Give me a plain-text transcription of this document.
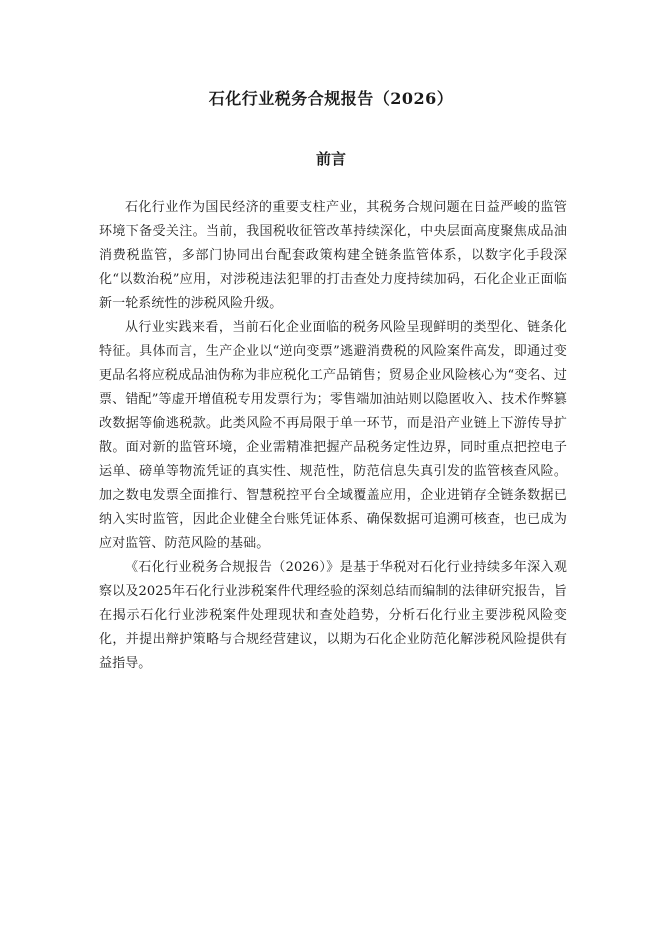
石化行业税务合规报告（2026）
前言

石化行业作为国民经济的重要支柱产业，其税务合规问题在日益严峻的监管环境下备受关注。当前，我国税收征管改革持续深化，中央层面高度聚焦成品油消费税监管，多部门协同出台配套政策构建全链条监管体系，以数字化手段深化“以数治税”应用，对涉税违法犯罪的打击查处力度持续加码，石化企业正面临新一轮系统性的涉税风险升级。

从行业实践来看，当前石化企业面临的税务风险呈现鲜明的类型化、链条化特征。具体而言，生产企业以“逆向变票”逃避消费税的风险案件高发，即通过变更品名将应税成品油伪称为非应税化工产品销售；贸易企业风险核心为“变名、过票、错配”等虚开增值税专用发票行为；零售端加油站则以隐匿收入、技术作弊篡改数据等偷逃税款。此类风险不再局限于单一环节，而是沿产业链上下游传导扩散。面对新的监管环境，企业需精准把握产品税务定性边界，同时重点把控电子运单、磅单等物流凭证的真实性、规范性，防范信息失真引发的监管核查风险。加之数电发票全面推行、智慧税控平台全域覆盖应用，企业进销存全链条数据已纳入实时监管，因此企业健全台账凭证体系、确保数据可追溯可核查，也已成为应对监管、防范风险的基础。

《石化行业税务合规报告（2026）》是基于华税对石化行业持续多年深入观察以及2025年石化行业涉税案件代理经验的深刻总结而编制的法律研究报告，旨在揭示石化行业涉税案件处理现状和查处趋势，分析石化行业主要涉税风险变化，并提出辩护策略与合规经营建议，以期为石化企业防范化解涉税风险提供有益指导。
